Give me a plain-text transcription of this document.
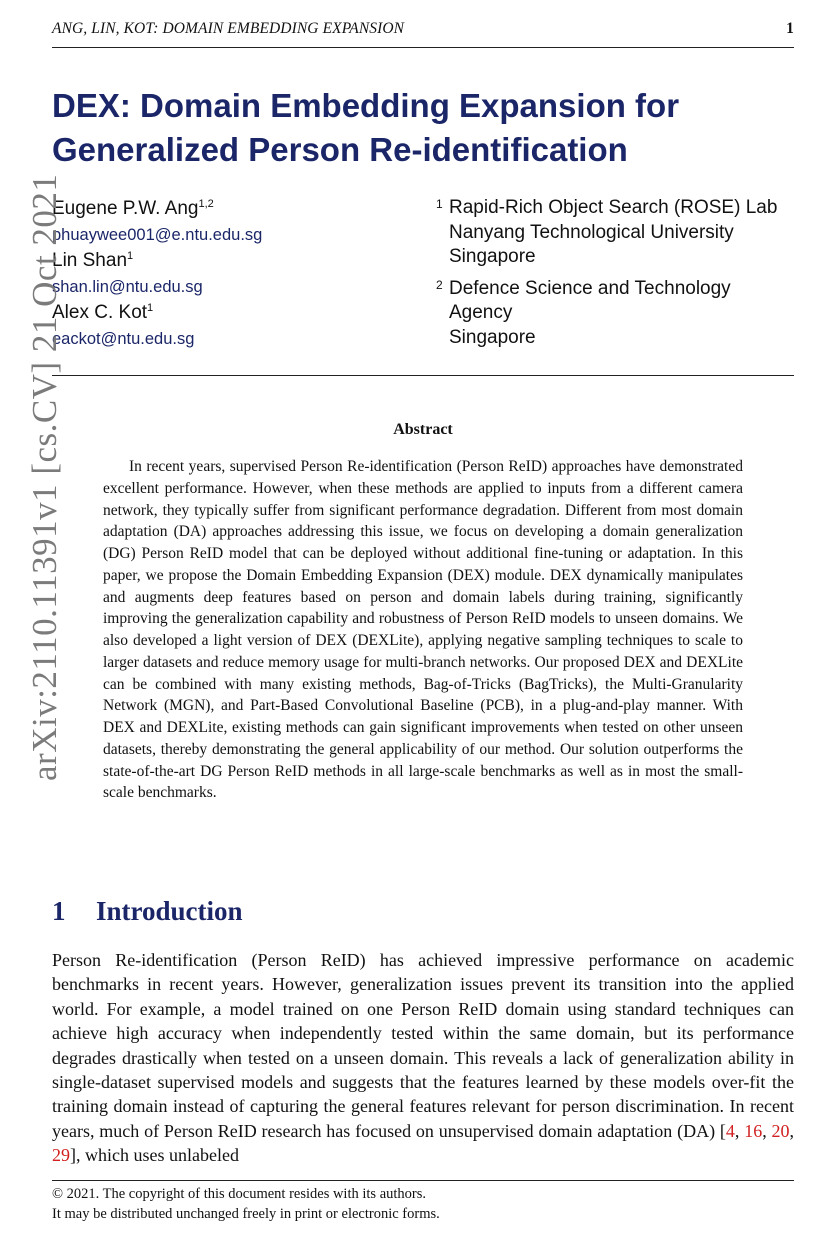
ANG, LIN, KOT: DOMAIN EMBEDDING EXPANSION	1
DEX: Domain Embedding Expansion for
Generalized Person Re-identification
Eugene P.W. Ang$^{1,2}$
phuaywee001@e.ntu.edu.sg
Lin Shan$^1$
shan.lin@ntu.edu.sg
Alex C. Kot$^1$
eackot@ntu.edu.sg
1 Rapid-Rich Object Search (ROSE) Lab
Nanyang Technological University
Singapore
2 Defence Science and Technology
Agency
Singapore
Abstract

In recent years, supervised Person Re-identification (Person ReID) approaches have demonstrated excellent performance. However, when these methods are applied to inputs from a different camera network, they typically suffer from significant performance degradation. Different from most domain adaptation (DA) approaches addressing this issue, we focus on developing a domain generalization (DG) Person ReID model that can be deployed without additional fine-tuning or adaptation. In this paper, we propose the Domain Embedding Expansion (DEX) module. DEX dynamically manipulates and augments deep features based on person and domain labels during training, significantly improving the generalization capability and robustness of Person ReID models to unseen domains. We also developed a light version of DEX (DEXLite), applying negative sampling techniques to scale to larger datasets and reduce memory usage for multi-branch networks. Our proposed DEX and DEXLite can be combined with many existing methods, Bag-of-Tricks (BagTricks), the Multi-Granularity Network (MGN), and Part-Based Convolutional Baseline (PCB), in a plug-and-play manner. With DEX and DEXLite, existing methods can gain significant improvements when tested on other unseen datasets, thereby demonstrating the general applicability of our method. Our solution outperforms the state-of-the-art DG Person ReID methods in all large-scale benchmarks as well as in most the small-scale benchmarks.

1 Introduction

Person Re-identification (Person ReID) has achieved impressive performance on academic benchmarks in recent years. However, generalization issues prevent its transition into the applied world. For example, a model trained on one Person ReID domain using standard techniques can achieve high accuracy when independently tested within the same domain, but its performance degrades drastically when tested on a unseen domain. This reveals a lack of generalization ability in single-dataset supervised models and suggests that the features learned by these models over-fit the training domain instead of capturing the general features relevant for person discrimination. In recent years, much of Person ReID research has focused on unsupervised domain adaptation (DA) [4, 16, 20, 29], which uses unlabeled

© 2021. The copyright of this document resides with its authors.
It may be distributed unchanged freely in print or electronic forms.
arXiv:2110.11391v1 [cs.CV] 21 Oct 2021
